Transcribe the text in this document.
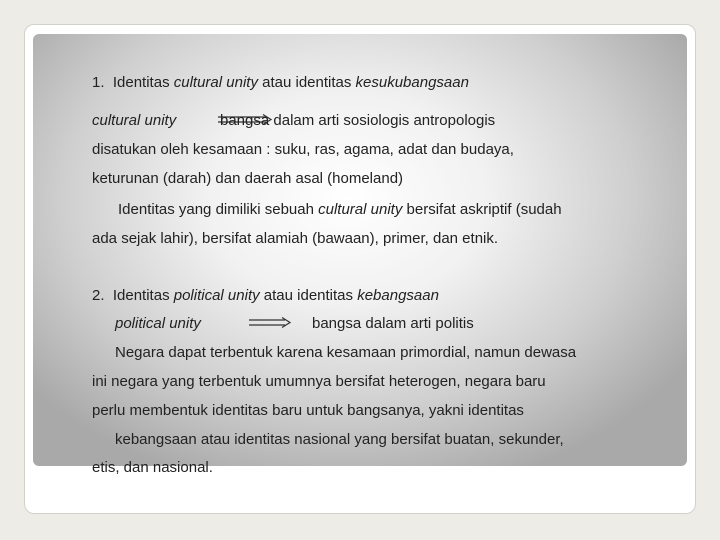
1. Identitas cultural unity atau identitas kesukubangsaan
cultural unity	bangsa dalam arti sosiologis antropologis
disatukan oleh kesamaan : suku, ras, agama, adat dan budaya,
keturunan (darah) dan daerah asal (homeland)
Identitas yang dimiliki sebuah cultural unity bersifat askriptif (sudah
ada sejak lahir), bersifat alamiah (bawaan), primer, dan etnik.
2. Identitas political unity atau identitas kebangsaan
political unity	bangsa dalam arti politis
Negara dapat terbentuk karena kesamaan primordial, namun dewasa
ini negara yang terbentuk umumnya bersifat heterogen, negara baru
perlu membentuk identitas baru untuk bangsanya, yakni identitas
kebangsaan atau identitas nasional yang bersifat buatan, sekunder,
etis, dan nasional.
